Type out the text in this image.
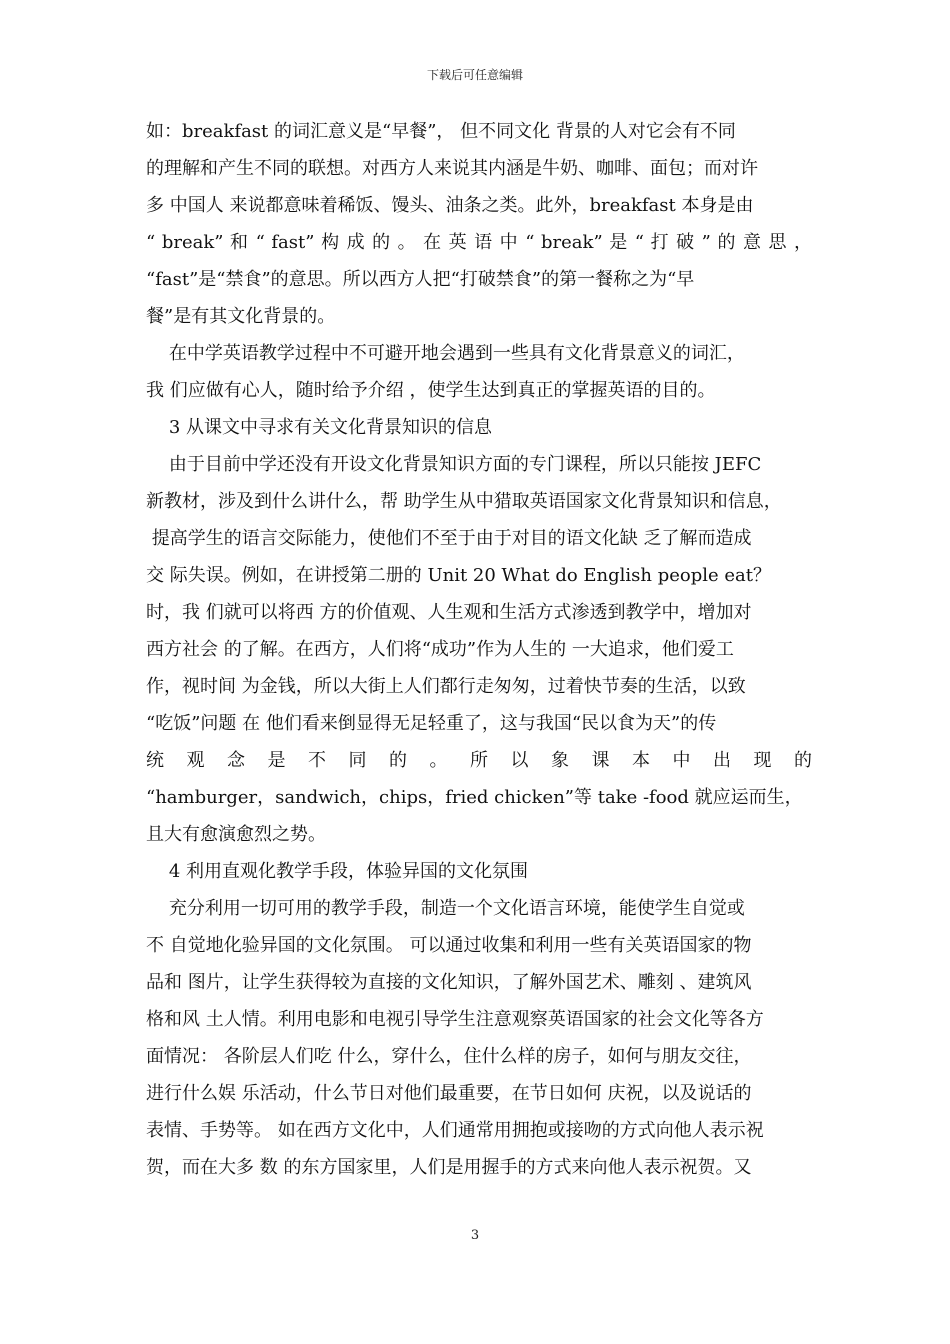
下载后可任意编辑
如：breakfast 的词汇意义是“早餐”， 但不同文化 背景的人对它会有不同
的理解和产生不同的联想。对西方人来说其内涵是牛奶、咖啡、面包；而对许
多 中国人 来说都意味着稀饭、馒头、油条之类。此外，breakfast 本身是由
“ break” 和 “ fast” 构 成 的 。 在 英 语 中 “ break” 是 “ 打 破 ” 的 意 思 ，
“fast”是“禁食”的意思。所以西方人把“打破禁食”的第一餐称之为“早
餐”是有其文化背景的。
在中学英语教学过程中不可避开地会遇到一些具有文化背景意义的词汇，
我 们应做有心人，随时给予介绍 ，使学生达到真正的掌握英语的目的。
3 从课文中寻求有关文化背景知识的信息
由于目前中学还没有开设文化背景知识方面的专门课程，所以只能按 JEFC
新教材，涉及到什么讲什么，帮 助学生从中猎取英语国家文化背景知识和信息，
提高学生的语言交际能力，使他们不至于由于对目的语文化缺 乏了解而造成
交 际失误。例如，在讲授第二册的 Unit 20 What do English people eat？
时，我 们就可以将西 方的价值观、人生观和生活方式渗透到教学中，增加对
西方社会 的了解。在西方，人们将“成功”作为人生的 一大追求，他们爱工
作，视时间 为金钱，所以大街上人们都行走匆匆，过着快节奏的生活，以致
“吃饭”问题 在 他们看来倒显得无足轻重了，这与我国“民以食为天”的传
统 观 念 是 不 同 的 。 所 以 象 课 本 中 出 现 的
“hamburger，sandwich，chips，fried chicken”等 take -food 就应运而生，
且大有愈演愈烈之势。
4 利用直观化教学手段，体验异国的文化氛围
充分利用一切可用的教学手段，制造一个文化语言环境，能使学生自觉或
不 自觉地化验异国的文化氛围。 可以通过收集和利用一些有关英语国家的物
品和 图片，让学生获得较为直接的文化知识，了解外国艺术、雕刻 、建筑风
格和风 土人情。利用电影和电视引导学生注意观察英语国家的社会文化等各方
面情况： 各阶层人们吃 什么，穿什么，住什么样的房子，如何与朋友交往，
进行什么娱 乐活动，什么节日对他们最重要，在节日如何 庆祝，以及说话的
表情、手势等。 如在西方文化中，人们通常用拥抱或接吻的方式向他人表示祝
贺，而在大多 数 的东方国家里，人们是用握手的方式来向他人表示祝贺。又
3
